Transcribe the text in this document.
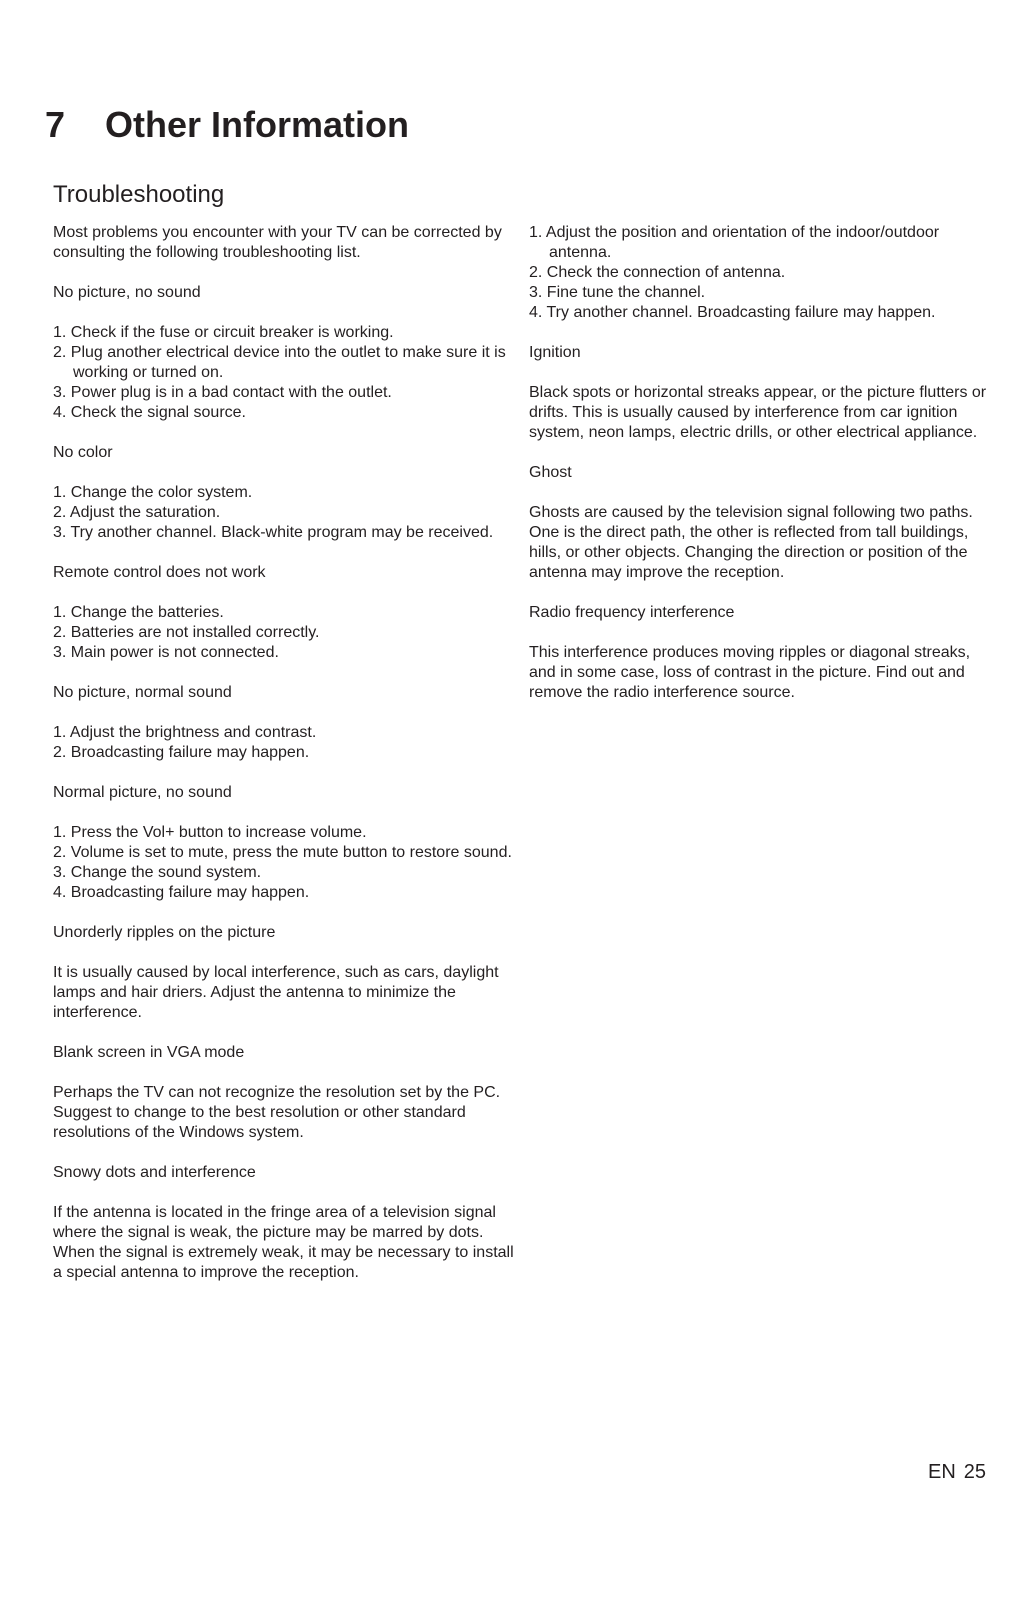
7 Other Information
Troubleshooting

Most problems you encounter with your TV can be corrected by consulting the following troubleshooting list.

No picture, no sound

1. Check if the fuse or circuit breaker is working.
2. Plug another electrical device into the outlet to make sure it is working or turned on.
3. Power plug is in a bad contact with the outlet.
4. Check the signal source.

No color

1. Change the color system.
2. Adjust the saturation.
3. Try another channel. Black-white program may be received.

Remote control does not work

1. Change the batteries.
2. Batteries are not installed correctly.
3. Main power is not connected.

No picture, normal sound

1. Adjust the brightness and contrast.
2. Broadcasting failure may happen.

Normal picture, no sound

1. Press the Vol+ button to increase volume.
2. Volume is set to mute, press the mute button to restore sound.
3. Change the sound system.
4. Broadcasting failure may happen.

Unorderly ripples on the picture

It is usually caused by local interference, such as cars, daylight lamps and hair driers. Adjust the antenna to minimize the interference.

Blank screen in VGA mode

Perhaps the TV can not recognize the resolution set by the PC. Suggest to change to the best resolution or other standard resolutions of the Windows system.

Snowy dots and interference

If the antenna is located in the fringe area of a television signal where the signal is weak, the picture may be marred by dots. When the signal is extremely weak, it may be necessary to install a special antenna to improve the reception.

1. Adjust the position and orientation of the indoor/outdoor antenna.
2. Check the connection of antenna.
3. Fine tune the channel.
4. Try another channel. Broadcasting failure may happen.

Ignition

Black spots or horizontal streaks appear, or the picture flutters or drifts. This is usually caused by interference from car ignition system, neon lamps, electric drills, or other electrical appliance.

Ghost

Ghosts are caused by the television signal following two paths. One is the direct path, the other is reflected from tall buildings, hills, or other objects. Changing the direction or position of the antenna may improve the reception.

Radio frequency interference

This interference produces moving ripples or diagonal streaks, and in some case, loss of contrast in the picture. Find out and remove the radio interference source.

EN 25
